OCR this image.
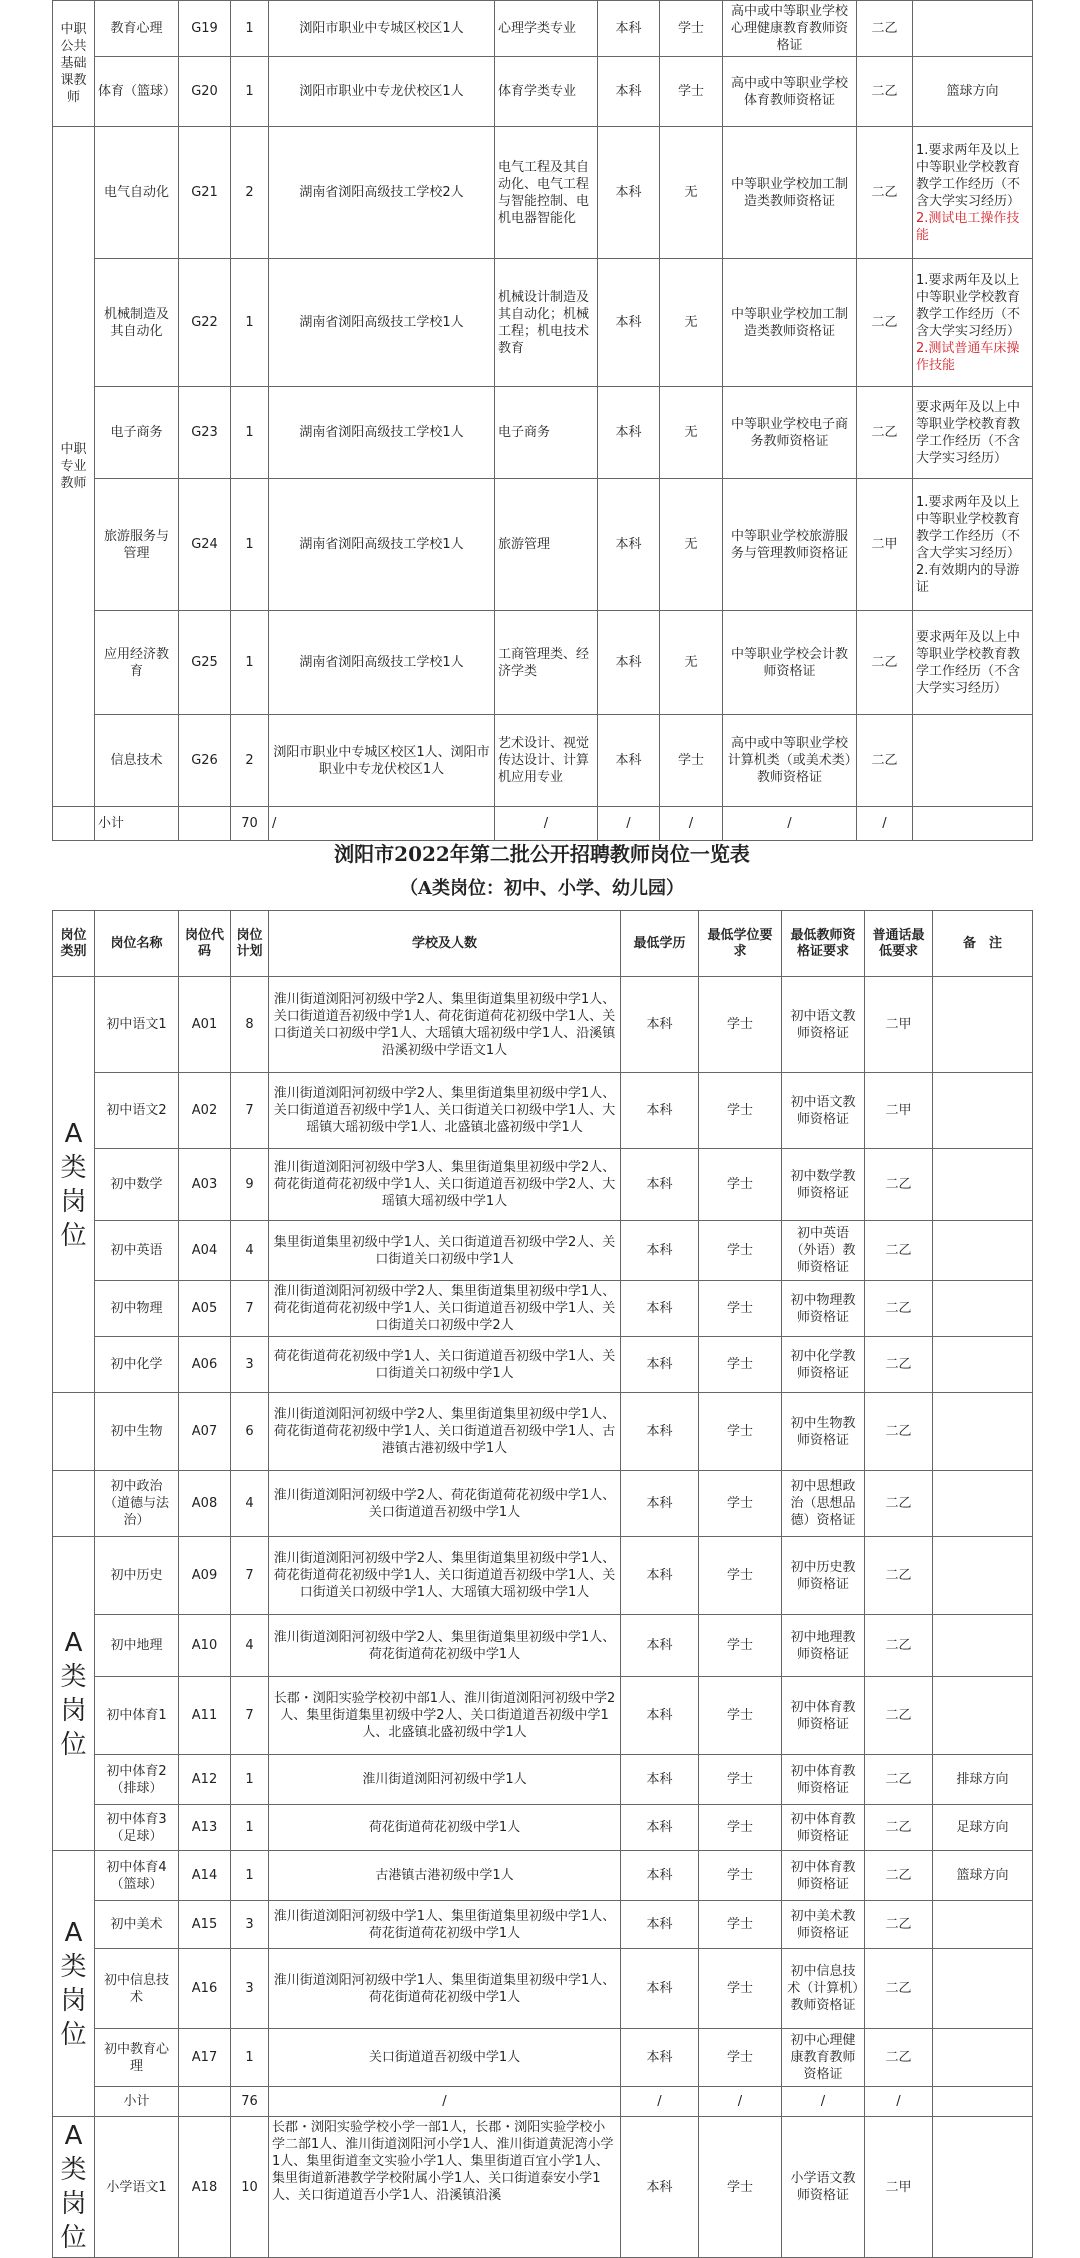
中职公共基础课教师	教育心理	G19	1	浏阳市职业中专城区校区1人	心理学类专业	本科	学士	高中或中等职业学校心理健康教育教师资格证	二乙	
	体育（篮球）	G20	1	浏阳市职业中专龙伏校区1人	体育学类专业	本科	学士	高中或中等职业学校体育教师资格证	二乙	篮球方向
中职专业教师	电气自动化	G21	2	湖南省浏阳高级技工学校2人	电气工程及其自动化、电气工程与智能控制、电机电器智能化	本科	无	中等职业学校加工制造类教师资格证	二乙	1.要求两年及以上中等职业学校教育教学工作经历（不含大学实习经历）
2.测试电工操作技能
	机械制造及其自动化	G22	1	湖南省浏阳高级技工学校1人	机械设计制造及其自动化；机械工程；机电技术教育	本科	无	中等职业学校加工制造类教师资格证	二乙	1.要求两年及以上中等职业学校教育教学工作经历（不含大学实习经历）
2.测试普通车床操作技能
	电子商务	G23	1	湖南省浏阳高级技工学校1人	电子商务	本科	无	中等职业学校电子商务教师资格证	二乙	要求两年及以上中等职业学校教育教学工作经历（不含大学实习经历）
	旅游服务与管理	G24	1	湖南省浏阳高级技工学校1人	旅游管理	本科	无	中等职业学校旅游服务与管理教师资格证	二甲	1.要求两年及以上中等职业学校教育教学工作经历（不含大学实习经历）
2.有效期内的导游证
	应用经济教育	G25	1	湖南省浏阳高级技工学校1人	工商管理类、经济学类	本科	无	中等职业学校会计教师资格证	二乙	要求两年及以上中等职业学校教育教学工作经历（不含大学实习经历）
	信息技术	G26	2	浏阳市职业中专城区校区1人、浏阳市职业中专龙伏校区1人	艺术设计、视觉传达设计、计算机应用专业	本科	学士	高中或中等职业学校计算机类（或美术类）教师资格证	二乙	
	小计		70	/	/	/	/	/	/	
浏阳市2022年第二批公开招聘教师岗位一览表
（A类岗位：初中、小学、幼儿园）
岗位类别	岗位名称	岗位代码	岗位计划	学校及人数	最低学历	最低学位要求	最低教师资格证要求	普通话最低要求	备　注	
A类岗位	初中语文1	A01	8	淮川街道浏阳河初级中学2人、集里街道集里初级中学1人、关口街道道吾初级中学1人、荷花街道荷花初级中学1人、关口街道关口初级中学1人、大瑶镇大瑶初级中学1人、沿溪镇沿溪初级中学语文1人	本科	学士	初中语文教师资格证	二甲		
	初中语文2	A02	7	淮川街道浏阳河初级中学2人、集里街道集里初级中学1人、关口街道道吾初级中学1人、关口街道关口初级中学1人、大瑶镇大瑶初级中学1人、北盛镇北盛初级中学1人	本科	学士	初中语文教师资格证	二甲		
	初中数学	A03	9	淮川街道浏阳河初级中学3人、集里街道集里初级中学2人、荷花街道荷花初级中学1人、关口街道道吾初级中学2人、大瑶镇大瑶初级中学1人	本科	学士	初中数学教师资格证	二乙		
	初中英语	A04	4	集里街道集里初级中学1人、关口街道道吾初级中学2人、关口街道关口初级中学1人	本科	学士	初中英语（外语）教师资格证	二乙		
	初中物理	A05	7	淮川街道浏阳河初级中学2人、集里街道集里初级中学1人、荷花街道荷花初级中学1人、关口街道道吾初级中学1人、关口街道关口初级中学2人	本科	学士	初中物理教师资格证	二乙		
	初中化学	A06	3	荷花街道荷花初级中学1人、关口街道道吾初级中学1人、关口街道关口初级中学1人	本科	学士	初中化学教师资格证	二乙		
	初中生物	A07	6	淮川街道浏阳河初级中学2人、集里街道集里初级中学1人、荷花街道荷花初级中学1人、关口街道道吾初级中学1人、古港镇古港初级中学1人	本科	学士	初中生物教师资格证	二乙		
	初中政治（道德与法治）	A08	4	淮川街道浏阳河初级中学2人、荷花街道荷花初级中学1人、关口街道道吾初级中学1人	本科	学士	初中思想政治（思想品德）资格证	二乙		
A类岗位	初中历史	A09	7	淮川街道浏阳河初级中学2人、集里街道集里初级中学1人、荷花街道荷花初级中学1人、关口街道道吾初级中学1人、关口街道关口初级中学1人、大瑶镇大瑶初级中学1人	本科	学士	初中历史教师资格证	二乙		
	初中地理	A10	4	淮川街道浏阳河初级中学2人、集里街道集里初级中学1人、荷花街道荷花初级中学1人	本科	学士	初中地理教师资格证	二乙		
	初中体育1	A11	7	长郡・浏阳实验学校初中部1人、淮川街道浏阳河初级中学2人、集里街道集里初级中学2人、关口街道道吾初级中学1人、北盛镇北盛初级中学1人	本科	学士	初中体育教师资格证	二乙		
	初中体育2（排球）	A12	1	淮川街道浏阳河初级中学1人	本科	学士	初中体育教师资格证	二乙	排球方向	
	初中体育3（足球）	A13	1	荷花街道荷花初级中学1人	本科	学士	初中体育教师资格证	二乙	足球方向	
A类岗位	初中体育4（篮球）	A14	1	古港镇古港初级中学1人	本科	学士	初中体育教师资格证	二乙	篮球方向	
	初中美术	A15	3	淮川街道浏阳河初级中学1人、集里街道集里初级中学1人、荷花街道荷花初级中学1人	本科	学士	初中美术教师资格证	二乙		
	初中信息技术	A16	3	淮川街道浏阳河初级中学1人、集里街道集里初级中学1人、荷花街道荷花初级中学1人	本科	学士	初中信息技术（计算机）教师资格证	二乙		
	初中教育心理	A17	1	关口街道道吾初级中学1人	本科	学士	初中心理健康教育教师资格证	二乙		
	小计		76	/	/	/	/	/		
A类岗位	小学语文1	A18	10	长郡・浏阳实验学校小学一部1人，长郡・浏阳实验学校小学二部1人、淮川街道浏阳河小学1人、淮川街道黄泥湾小学1人、集里街道奎文实验小学1人、集里街道百宜小学1人、集里街道新港教学学校附属小学1人、关口街道泰安小学1人、关口街道道吾小学1人、沿溪镇沿溪	本科	学士	小学语文教师资格证	二甲		
